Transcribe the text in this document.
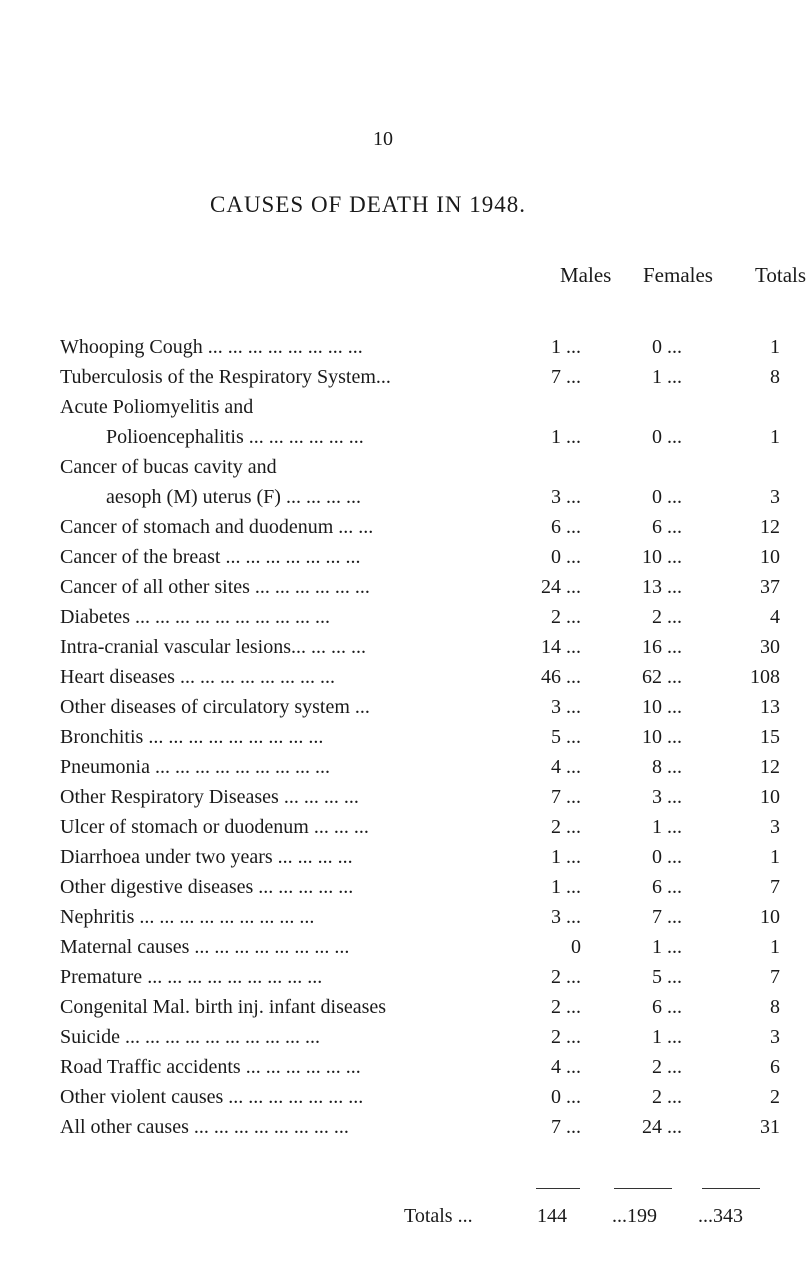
10
CAUSES OF DEATH IN 1948.
Males Females Totals
Whooping Cough ... ... ... ... ... ... ... ...	1 ...	0 ...	1
Tuberculosis of the Respiratory System...	7 ...	1 ...	8
Acute Poliomyelitis and
Polioencephalitis ... ... ... ... ... ...	1 ...	0 ...	1
Cancer of bucas cavity and
aesoph (M) uterus (F) ... ... ... ...	3 ...	0 ...	3
Cancer of stomach and duodenum ... ...	6 ...	6 ...	12
Cancer of the breast ... ... ... ... ... ... ...	0 ...	10 ...	10
Cancer of all other sites ... ... ... ... ... ...	24 ...	13 ...	37
Diabetes ... ... ... ... ... ... ... ... ... ...	2 ...	2 ...	4
Intra-cranial vascular lesions... ... ... ...	14 ...	16 ...	30
Heart diseases ... ... ... ... ... ... ... ...	46 ...	62 ...	108
Other diseases of circulatory system ...	3 ...	10 ...	13
Bronchitis ... ... ... ... ... ... ... ... ...	5 ...	10 ...	15
Pneumonia ... ... ... ... ... ... ... ... ...	4 ...	8 ...	12
Other Respiratory Diseases ... ... ... ...	7 ...	3 ...	10
Ulcer of stomach or duodenum ... ... ...	2 ...	1 ...	3
Diarrhoea under two years ... ... ... ...	1 ...	0 ...	1
Other digestive diseases ... ... ... ... ...	1 ...	6 ...	7
Nephritis ... ... ... ... ... ... ... ... ...	3 ...	7 ...	10
Maternal causes ... ... ... ... ... ... ... ...	0	1 ...	1
Premature ... ... ... ... ... ... ... ... ...	2 ...	5 ...	7
Congenital Mal. birth inj. infant diseases	2 ...	6 ...	8
Suicide ... ... ... ... ... ... ... ... ... ...	2 ...	1 ...	3
Road Traffic accidents ... ... ... ... ... ...	4 ...	2 ...	6
Other violent causes ... ... ... ... ... ... ...	0 ...	2 ...	2
All other causes ... ... ... ... ... ... ... ...	7 ...	24 ...	31
Totals ...	144 ...199 ...343
